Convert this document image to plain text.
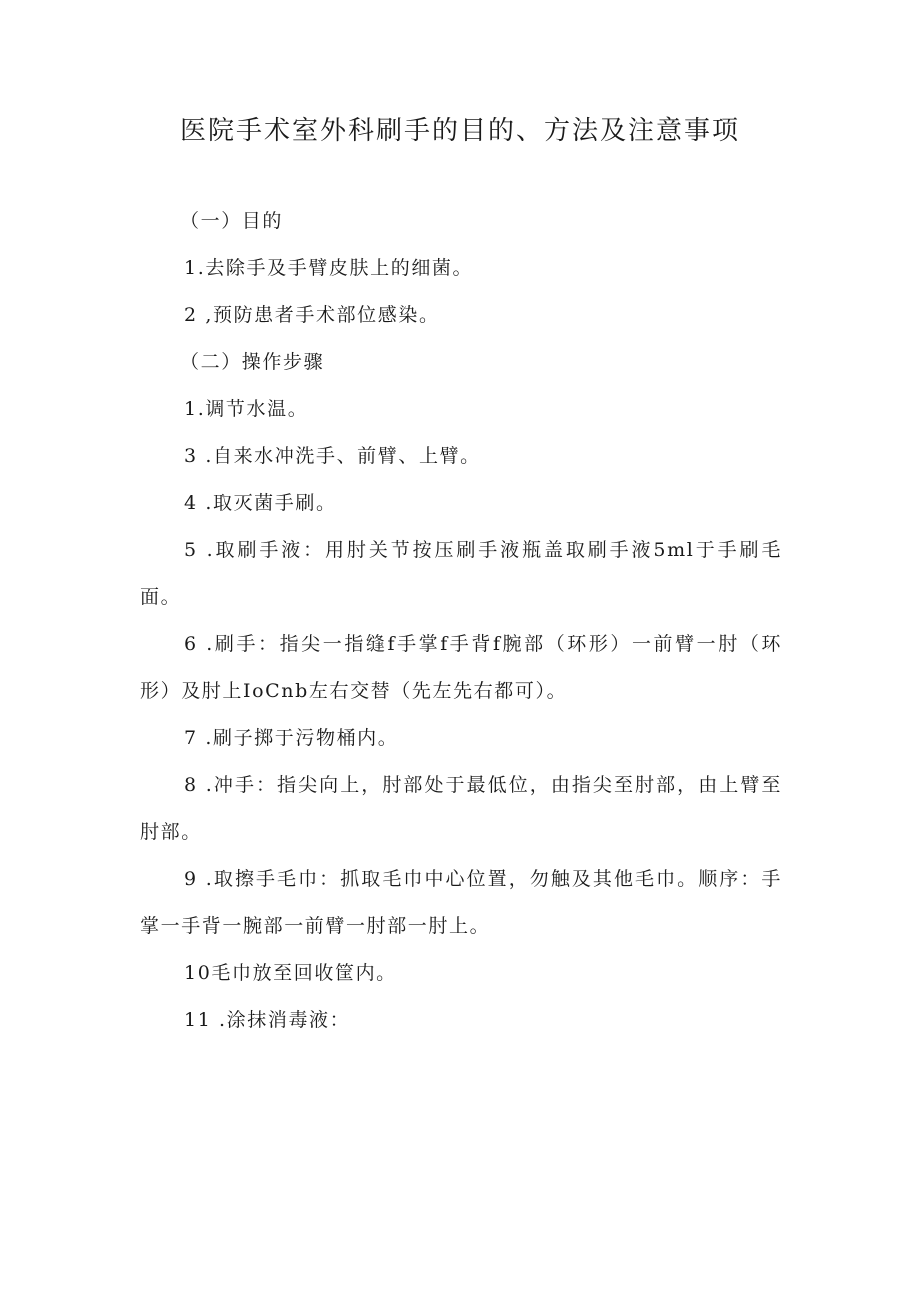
医院手术室外科刷手的目的、方法及注意事项

（一）目的

1.去除手及手臂皮肤上的细菌。

2 ,预防患者手术部位感染。

（二）操作步骤

1.调节水温。

3 .自来水冲洗手、前臂、上臂。

4 .取灭菌手刷。

5 .取刷手液：用肘关节按压刷手液瓶盖取刷手液5ml于手刷毛面。

6 .刷手：指尖一指缝f手掌f手背f腕部（环形）一前臂一肘（环形）及肘上IoCnb左右交替（先左先右都可）。

7 .刷子掷于污物桶内。

8 .冲手：指尖向上，肘部处于最低位，由指尖至肘部，由上臂至肘部。

9 .取擦手毛巾：抓取毛巾中心位置，勿触及其他毛巾。顺序：手掌一手背一腕部一前臂一肘部一肘上。

10毛巾放至回收筐内。

11 .涂抹消毒液：
